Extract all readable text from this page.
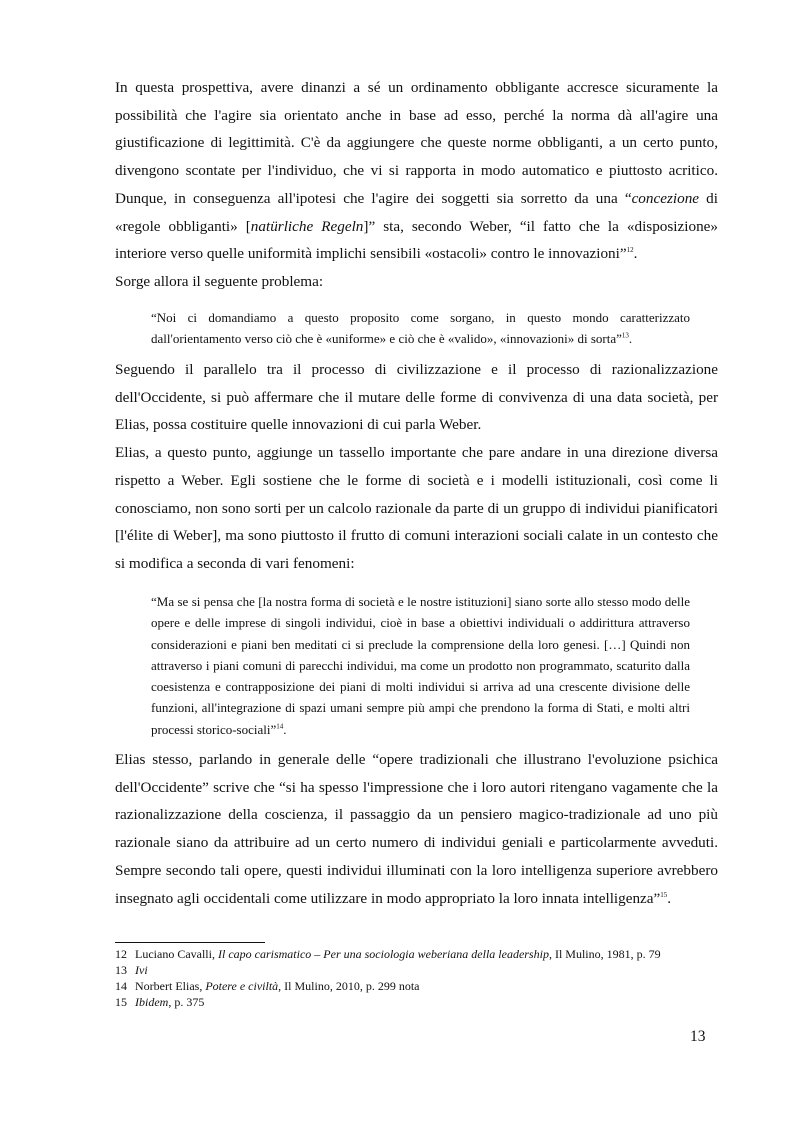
In questa prospettiva, avere dinanzi a sé un ordinamento obbligante accresce sicuramente la possibilità che l'agire sia orientato anche in base ad esso, perché la norma dà all'agire una giustificazione di legittimità. C'è da aggiungere che queste norme obbliganti, a un certo punto, divengono scontate per l'individuo, che vi si rapporta in modo automatico e piuttosto acritico. Dunque, in conseguenza all'ipotesi che l'agire dei soggetti sia sorretto da una “concezione di «regole obbliganti» [natürliche Regeln]” sta, secondo Weber, “il fatto che la «disposizione» interiore verso quelle uniformità implichi sensibili «ostacoli» contro le innovazioni”$^{12}$.

Sorge allora il seguente problema:

“Noi ci domandiamo a questo proposito come sorgano, in questo mondo caratterizzato dall'orientamento verso ciò che è «uniforme» e ciò che è «valido», «innovazioni» di sorta”$^{13}$.

Seguendo il parallelo tra il processo di civilizzazione e il processo di razionalizzazione dell'Occidente, si può affermare che il mutare delle forme di convivenza di una data società, per Elias, possa costituire quelle innovazioni di cui parla Weber.

Elias, a questo punto, aggiunge un tassello importante che pare andare in una direzione diversa rispetto a Weber. Egli sostiene che le forme di società e i modelli istituzionali, così come li conosciamo, non sono sorti per un calcolo razionale da parte di un gruppo di individui pianificatori [l'élite di Weber], ma sono piuttosto il frutto di comuni interazioni sociali calate in un contesto che si modifica a seconda di vari fenomeni:

“Ma se si pensa che [la nostra forma di società e le nostre istituzioni] siano sorte allo stesso modo delle opere e delle imprese di singoli individui, cioè in base a obiettivi individuali o addirittura attraverso considerazioni e piani ben meditati ci si preclude la comprensione della loro genesi. […] Quindi non attraverso i piani comuni di parecchi individui, ma come un prodotto non programmato, scaturito dalla coesistenza e contrapposizione dei piani di molti individui si arriva ad una crescente divisione delle funzioni, all'integrazione di spazi umani sempre più ampi che prendono la forma di Stati, e molti altri processi storico-sociali”$^{14}$.

Elias stesso, parlando in generale delle “opere tradizionali che illustrano l'evoluzione psichica dell'Occidente” scrive che “si ha spesso l'impressione che i loro autori ritengano vagamente che la razionalizzazione della coscienza, il passaggio da un pensiero magico-tradizionale ad uno più razionale siano da attribuire ad un certo numero di individui geniali e particolarmente avveduti. Sempre secondo tali opere, questi individui illuminati con la loro intelligenza superiore avrebbero insegnato agli occidentali come utilizzare in modo appropriato la loro innata intelligenza”$^{15}$.

12 Luciano Cavalli, Il capo carismatico – Per una sociologia weberiana della leadership, Il Mulino, 1981, p. 79
13 Ivi
14 Norbert Elias, Potere e civiltà, Il Mulino, 2010, p. 299 nota
15 Ibidem, p. 375
13
